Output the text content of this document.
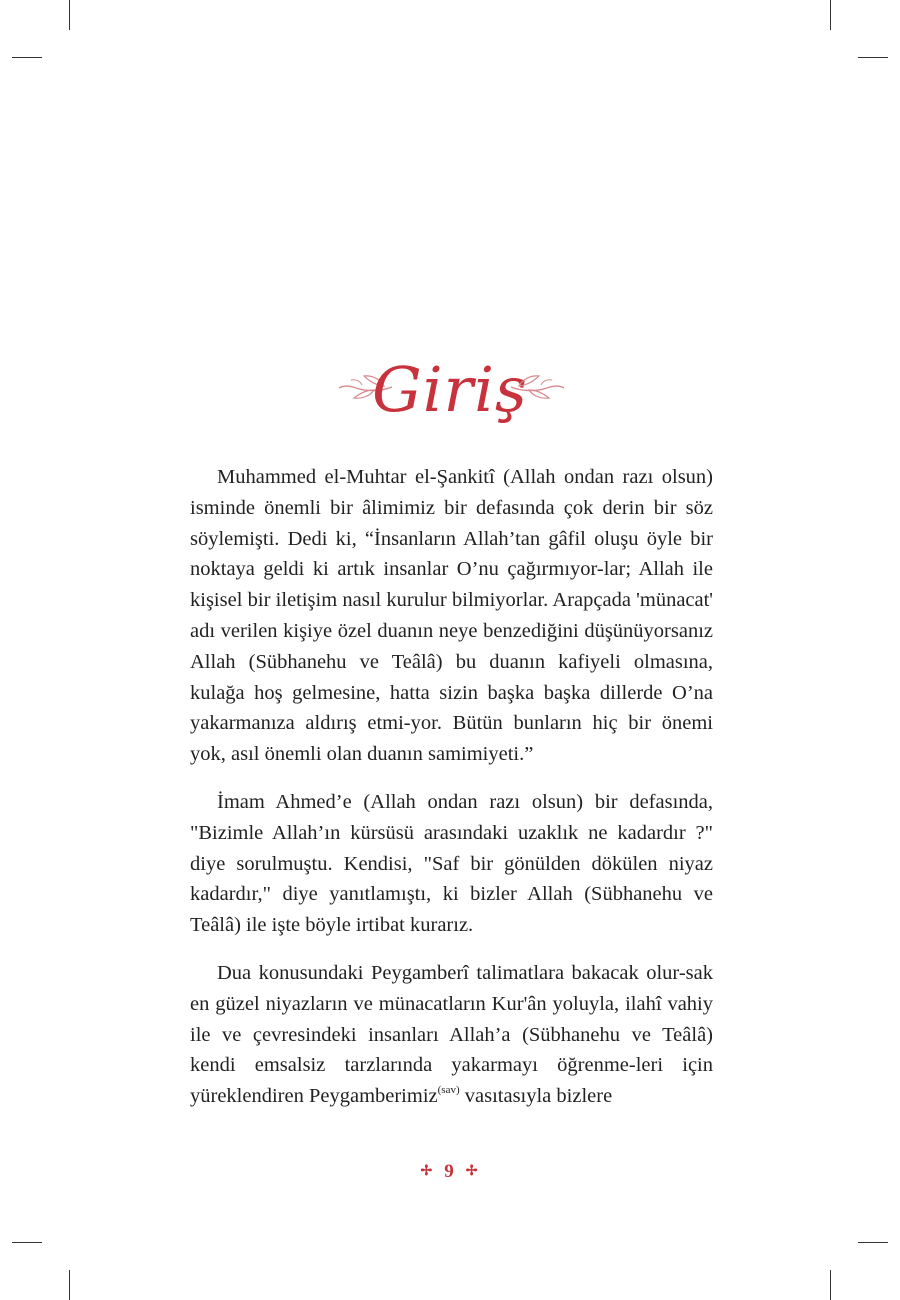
Giriş

Muhammed el-Muhtar el-Şankitî (Allah ondan razı olsun) isminde önemli bir âlimimiz bir defasında çok derin bir söz söylemişti. Dedi ki, “İnsanların Allah’tan gâfil oluşu öyle bir noktaya geldi ki artık insanlar O’nu çağırmıyor-lar; Allah ile kişisel bir iletişim nasıl kurulur bilmiyorlar. Arapçada 'münacat' adı verilen kişiye özel duanın neye benzediğini düşünüyorsanız Allah (Sübhanehu ve Teâlâ) bu duanın kafiyeli olmasına, kulağa hoş gelmesine, hatta sizin başka başka dillerde O’na yakarmanıza aldırış etmi-yor. Bütün bunların hiç bir önemi yok, asıl önemli olan duanın samimiyeti.”

İmam Ahmed’e (Allah ondan razı olsun) bir defasında, "Bizimle Allah’ın kürsüsü arasındaki uzaklık ne kadardır ?" diye sorulmuştu. Kendisi, "Saf bir gönülden dökülen niyaz kadardır," diye yanıtlamıştı, ki bizler Allah (Sübhanehu ve Teâlâ) ile işte böyle irtibat kurarız.

Dua konusundaki Peygamberî talimatlara bakacak olur-sak en güzel niyazların ve münacatların Kur'ân yoluyla, ilahî vahiy ile ve çevresindeki insanları Allah’a (Sübhanehu ve Teâlâ) kendi emsalsiz tarzlarında yakarmayı öğrenme-leri için yüreklendiren Peygamberimiz$^{(sav)}$ vasıtasıyla bizlere

✢ 9 ✢
